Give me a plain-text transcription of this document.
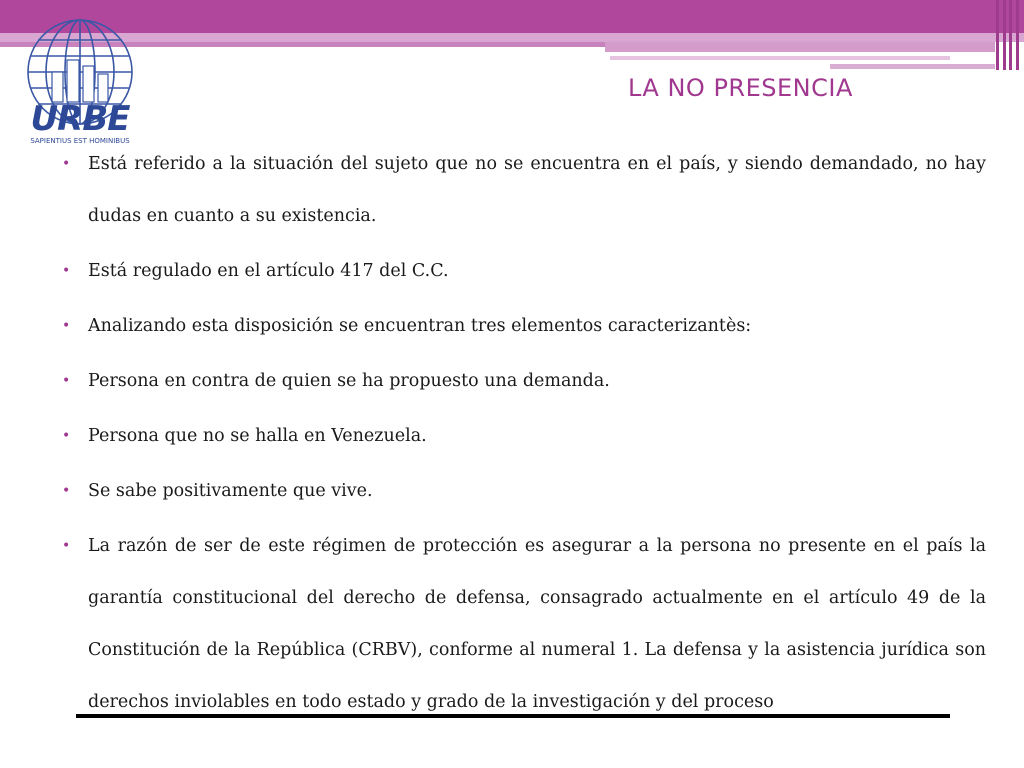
URBE
SAPIENTIUS EST HOMINIBUS
LA NO PRESENCIA
• Está referido a la situación del sujeto que no se encuentra en el país, y siendo demandado, no hay dudas en cuanto a su existencia.
• Está regulado en el artículo 417 del C.C.
• Analizando esta disposición se encuentran tres elementos caracterizantès:
• Persona en contra de quien se ha propuesto una demanda.
• Persona que no se halla en Venezuela.
• Se sabe positivamente que vive.
• La razón de ser de este régimen de protección es asegurar a la persona no presente en el país la garantía constitucional del derecho de defensa, consagrado actualmente en el artículo 49 de la Constitución de la República (CRBV), conforme al numeral 1. La defensa y la asistencia jurídica son derechos inviolables en todo estado y grado de la investigación y del proceso
